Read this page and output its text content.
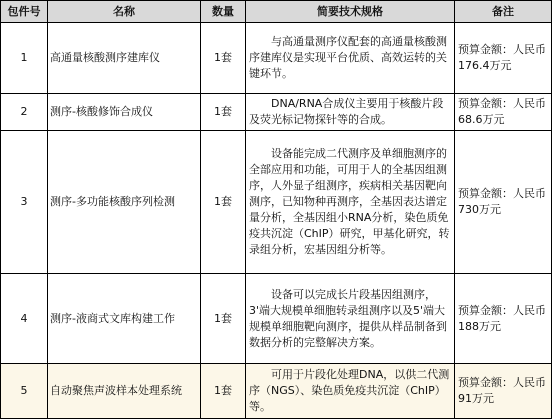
包件号	名称	数量	简要技术规格	备注
1	高通量核酸测序建库仪	1套	与高通量测序仪配套的高通量核酸测序建库仪是实现平台优质、高效运转的关键环节。	预算金额：人民币176.4万元
2	测序-核酸修饰合成仪	1套	DNA/RNA合成仪主要用于核酸片段及荧光标记物探针等的合成。	预算金额：人民币68.6万元
3	测序-多功能核酸序列检测	1套	设备能完成二代测序及单细胞测序的全部应用和功能，可用于人的全基因组测序，人外显子组测序，疾病相关基因靶向测序，已知物种再测序，全基因表达谱定量分析，全基因组小RNA分析，染色质免疫共沉淀（ChIP）研究，甲基化研究，转录组分析，宏基因组分析等。	预算金额：人民币730万元
4	测序-液商式文库构建工作	1套	设备可以完成长片段基因组测序，3'端大规模单细胞转录组测序以及5'端大规模单细胞靶向测序，提供从样品制备到数据分析的完整解决方案。	预算金额：人民币188万元
5	自动聚焦声波样本处理系统	1套	可用于片段化处理DNA，以供二代测序（NGS）、染色质免疫共沉淀（ChIP）等。	预算金额：人民币91万元
